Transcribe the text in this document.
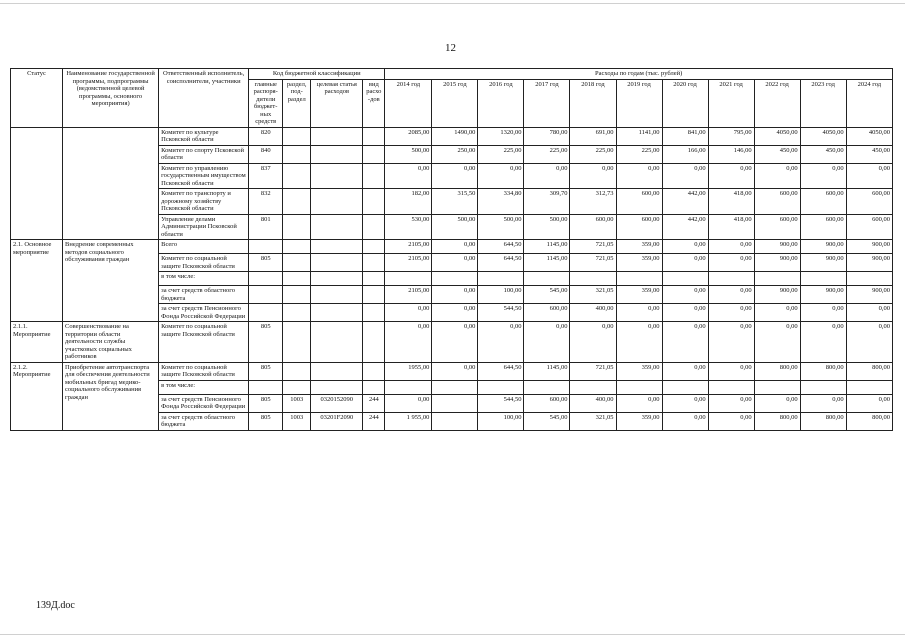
12
Статус	Наименование государственной программы, подпрограммы (ведомственной целевой программы, основного мероприятия)	Ответственный исполнитель, соисполнители, участники	Код бюджетной классификации				Расходы по годам (тыс. рублей)										
			главные распоря-дители бюджет-ных средств	раздел, под-раздел	целевая статья расходов	вид расхо-дов	2014 год	2015 год	2016 год	2017 год	2018 год	2019 год	2020 год	2021 год	2022 год	2023 год	2024 год
		Комитет по культуре Псковской области	820				2085,00	1490,00	1320,00	780,00	691,00	1141,00	841,00	795,00	4050,00	4050,00	4050,00
		Комитет по спорту Псковской области	840				500,00	250,00	225,00	225,00	225,00	225,00	166,00	146,00	450,00	450,00	450,00
		Комитет по управлению государственным имуществом Псковской области	837				0,00	0,00	0,00	0,00	0,00	0,00	0,00	0,00	0,00	0,00	0,00
		Комитет по транспорту и дорожному хозяйству Псковской области	832				182,00	315,50	334,80	309,70	312,73	600,00	442,00	418,00	600,00	600,00	600,00
		Управление делами Администрации Псковской области	801				530,00	500,00	500,00	500,00	600,00	600,00	442,00	418,00	600,00	600,00	600,00
2.1. Основное мероприятие	Внедрение современных методов социального обслуживания граждан	Всего					2105,00	0,00	644,50	1145,00	721,05	359,00	0,00	0,00	900,00	900,00	900,00
		Комитет по социальной защите Псковской области	805				2105,00	0,00	644,50	1145,00	721,05	359,00	0,00	0,00	900,00	900,00	900,00
		в том числе:															
		за счет средств областного бюджета					2105,00	0,00	100,00	545,00	321,05	359,00	0,00	0,00	900,00	900,00	900,00
		за счет средств Пенсионного Фонда Российской Федерации					0,00	0,00	544,50	600,00	400,00	0,00	0,00	0,00	0,00	0,00	0,00
2.1.1. Мероприятие	Совершенствование на территории области деятельности службы участковых социальных работников	Комитет по социальной защите Псковской области	805				0,00	0,00	0,00	0,00	0,00	0,00	0,00	0,00	0,00	0,00	0,00
2.1.2. Мероприятие	Приобретение автотранспорта для обеспечения деятельности мобильных бригад медико-социального обслуживания граждан	Комитет по социальной защите Псковской области	805				1955,00	0,00	644,50	1145,00	721,05	359,00	0,00	0,00	800,00	800,00	800,00
		в том числе:															
		за счет средств Пенсионного Фонда Российской Федерации	805	1003	0320152090	244	0,00		544,50	600,00	400,00	0,00	0,00	0,00	0,00	0,00	0,00
		за счет средств областного бюджета	805	1003	03201F2090	244	1 955,00		100,00	545,00	321,05	359,00	0,00	0,00	800,00	800,00	800,00
139Д.doc
